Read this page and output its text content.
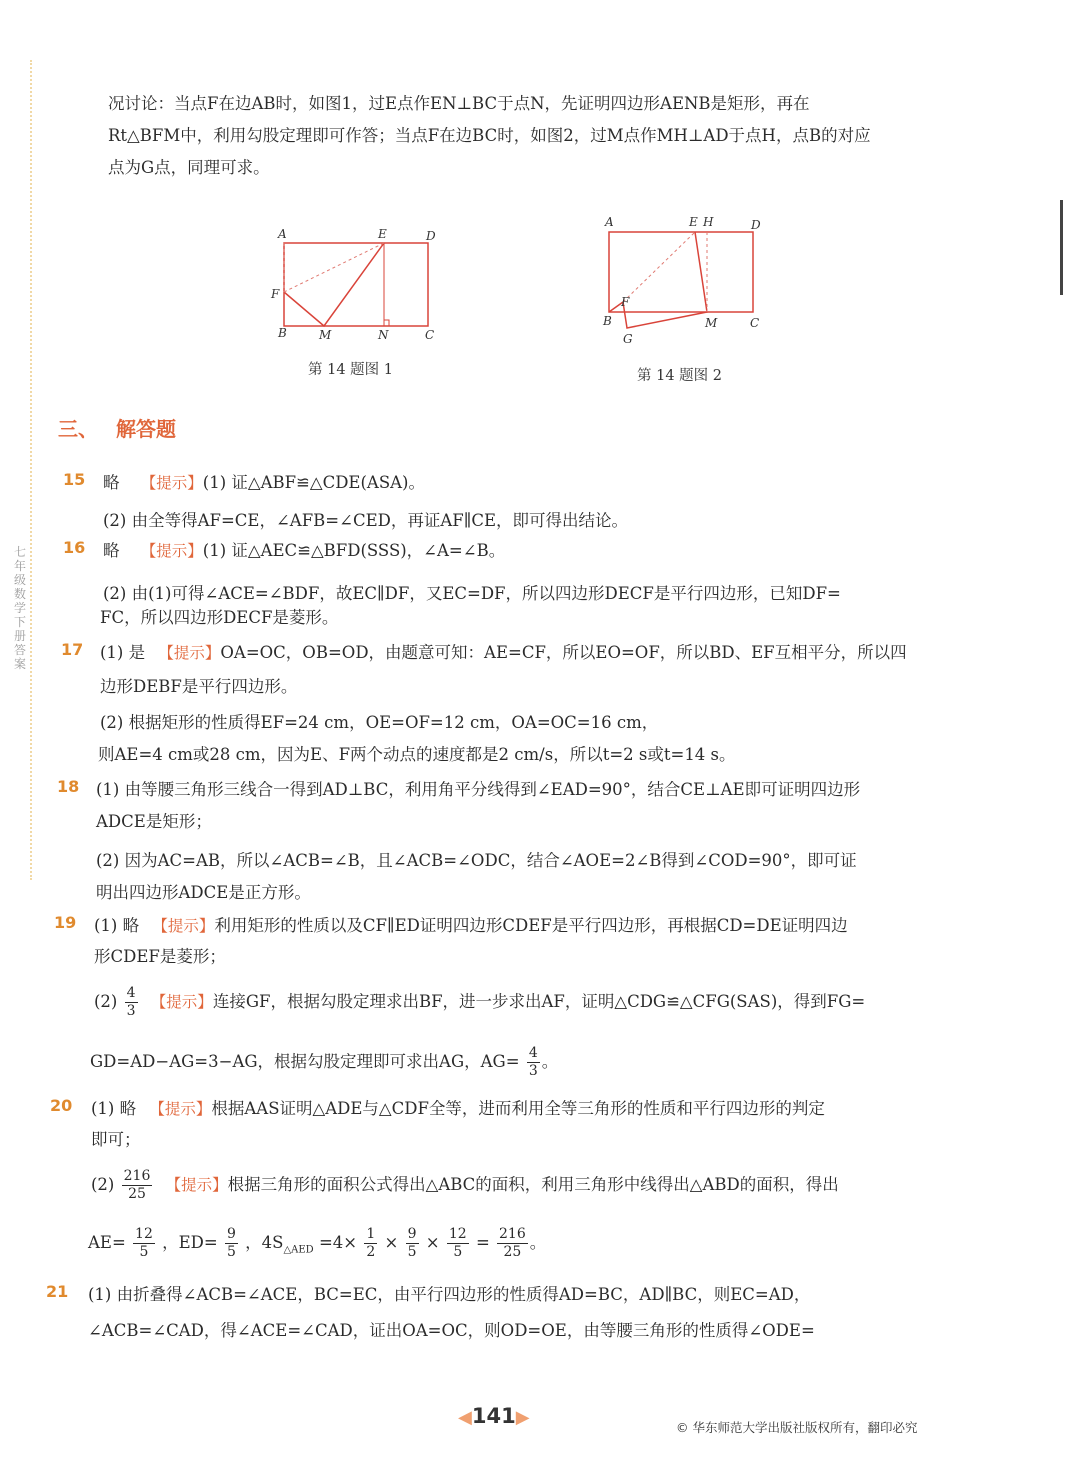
七年级数学下册答案
况讨论：当点F在边AB时，如图1，过E点作EN⊥BC于点N，先证明四边形AENB是矩形，再在
Rt△BFM中，利用勾股定理即可作答；当点F在边BC时，如图2，过M点作MH⊥AD于点H，点B的对应
点为G点，同理可求。
A	E	D
F
B	M	N	C
第 14 题图 1
A	E H	D
F
B	M	C
G
第 14 题图 2
三、 解答题
15 略 【提示】(1) 证△ABF≌△CDE(ASA)。
(2) 由全等得AF=CE，∠AFB=∠CED，再证AF∥CE，即可得出结论。
16 略 【提示】(1) 证△AEC≌△BFD(SSS)，∠A=∠B。
(2) 由(1)可得∠ACE=∠BDF，故EC∥DF，又EC=DF，所以四边形DECF是平行四边形，已知DF=
FC，所以四边形DECF是菱形。
17 (1) 是 【提示】OA=OC，OB=OD，由题意可知：AE=CF，所以EO=OF，所以BD、EF互相平分，所以四
边形DEBF是平行四边形。
(2) 根据矩形的性质得EF=24 cm，OE=OF=12 cm，OA=OC=16 cm，
则AE=4 cm或28 cm，因为E、F两个动点的速度都是2 cm/s，所以t=2 s或t=14 s。
18 (1) 由等腰三角形三线合一得到AD⊥BC，利用角平分线得到∠EAD=90°，结合CE⊥AE即可证明四边形
ADCE是矩形；
(2) 因为AC=AB，所以∠ACB=∠B，且∠ACB=∠ODC，结合∠AOE=2∠B得到∠COD=90°，即可证
明出四边形ADCE是正方形。
19 (1) 略 【提示】利用矩形的性质以及CF∥ED证明四边形CDEF是平行四边形，再根据CD=DE证明四边
形CDEF是菱形；
$(2) \frac{4}{3}$ 【提示】连接GF，根据勾股定理求出BF，进一步求出AF，证明△CDG≌△CFG(SAS)，得到FG=
GD=AD−AG=3−AG，根据勾股定理即可求出AG，$AG= \frac{4}{3}$ 。
20 (1) 略 【提示】根据AAS证明△ADE与△CDF全等，进而利用全等三角形的性质和平行四边形的判定
即可；
$(2) \frac{216}{25}$ 【提示】根据三角形的面积公式得出△ABC的面积，利用三角形中线得出△ABD的面积，得出
$AE= \frac{12}{5}$ ，$ED= \frac{9}{5}$ ，$4S_{\triangle AED} =4\times \frac{1}{2} \times \frac{9}{5} \times \frac{12}{5} = \frac{216}{25}$ 。
21 (1) 由折叠得∠ACB=∠ACE，BC=EC，由平行四边形的性质得AD=BC，AD∥BC，则EC=AD，
∠ACB=∠CAD，得∠ACE=∠CAD，证出OA=OC，则OD=OE，由等腰三角形的性质得∠ODE=
◀141▶	© 华东师范大学出版社版权所有，翻印必究
